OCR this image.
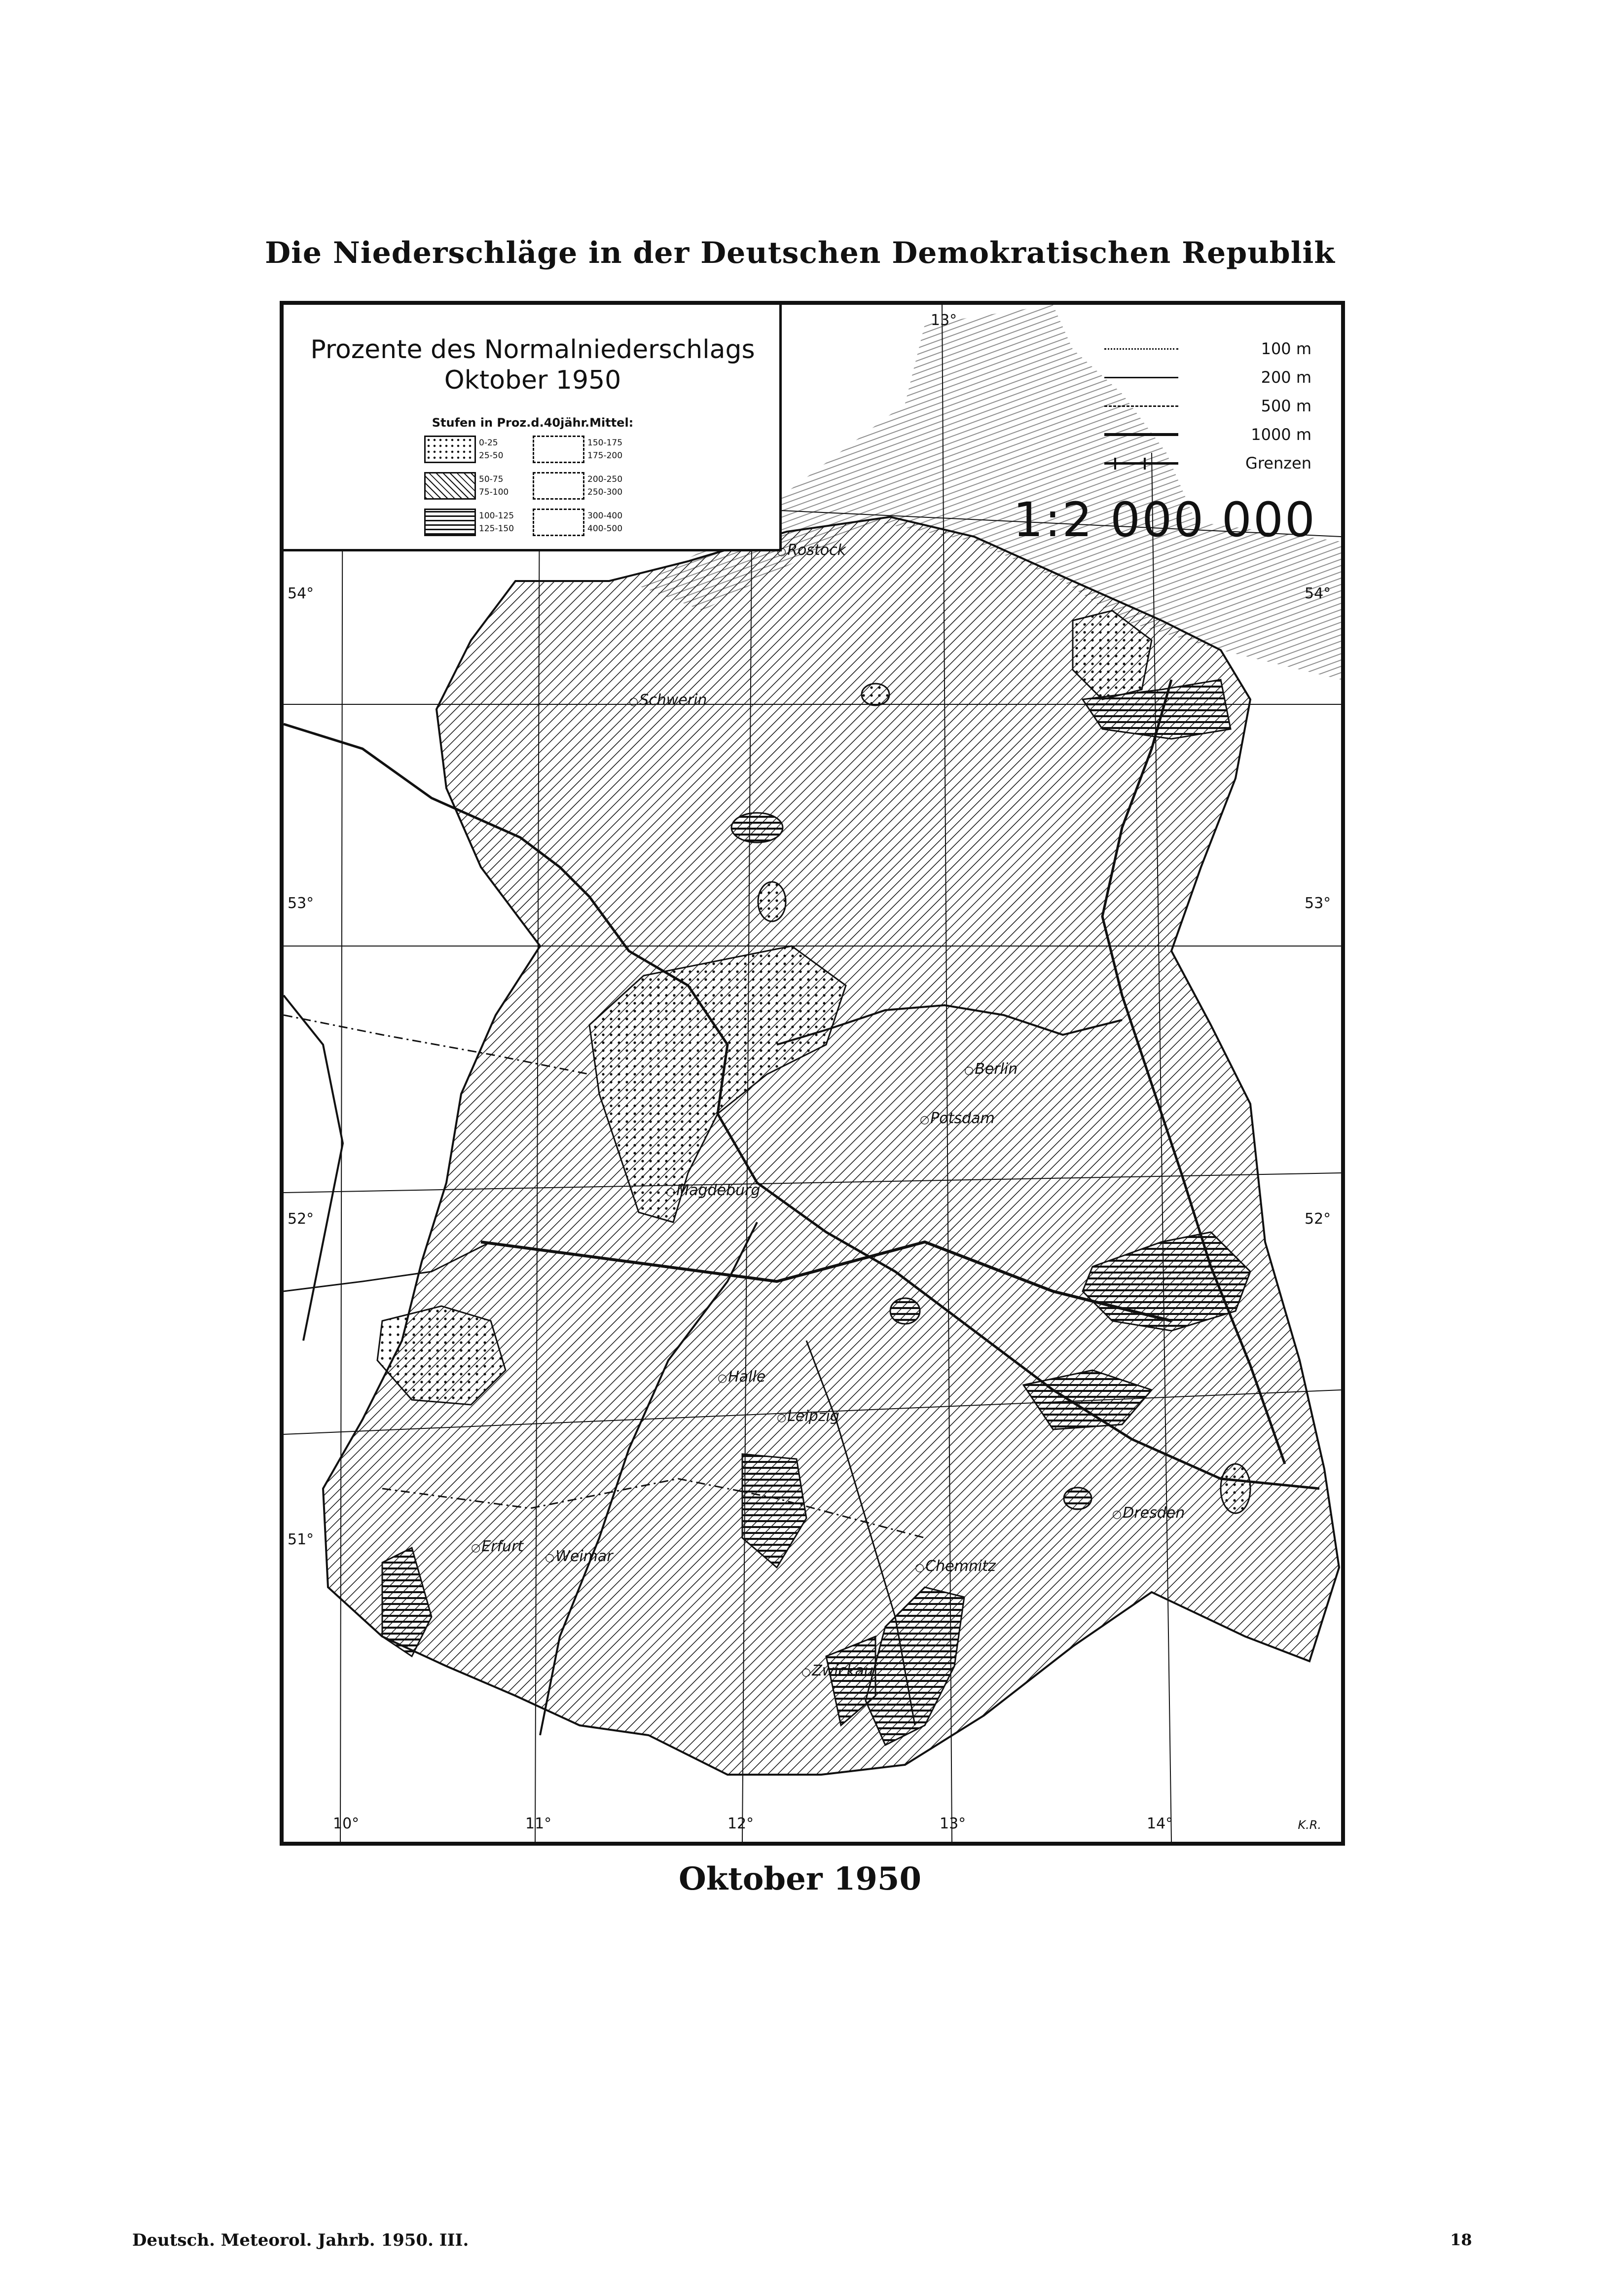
Die Niederschläge in der Deutschen Demokratischen Republik
Prozente des Normalniederschlags
Oktober 1950
Stufen in Proz.d.40jähr.Mittel:
0-25
25-50
50-75
75-100
100-125
125-150
150-175
175-200
200-250
250-300
300-400
400-500
100 m
200 m
500 m
1000 m
Grenzen
1:2 000 000
13°
54°
53°
52°
51°
54°
53°
52°
10°	11°	12°	13°	14°
○ Rostock
○ Schwerin
○ Berlin
○ Potsdam
○ Magdeburg
○ Halle
○ Leipzig
○ Erfurt
○ Weimar
○ Chemnitz
○ Zwickau
○ Dresden
K.R.
Oktober 1950
Deutsch. Meteorol. Jahrb. 1950. III.	18
